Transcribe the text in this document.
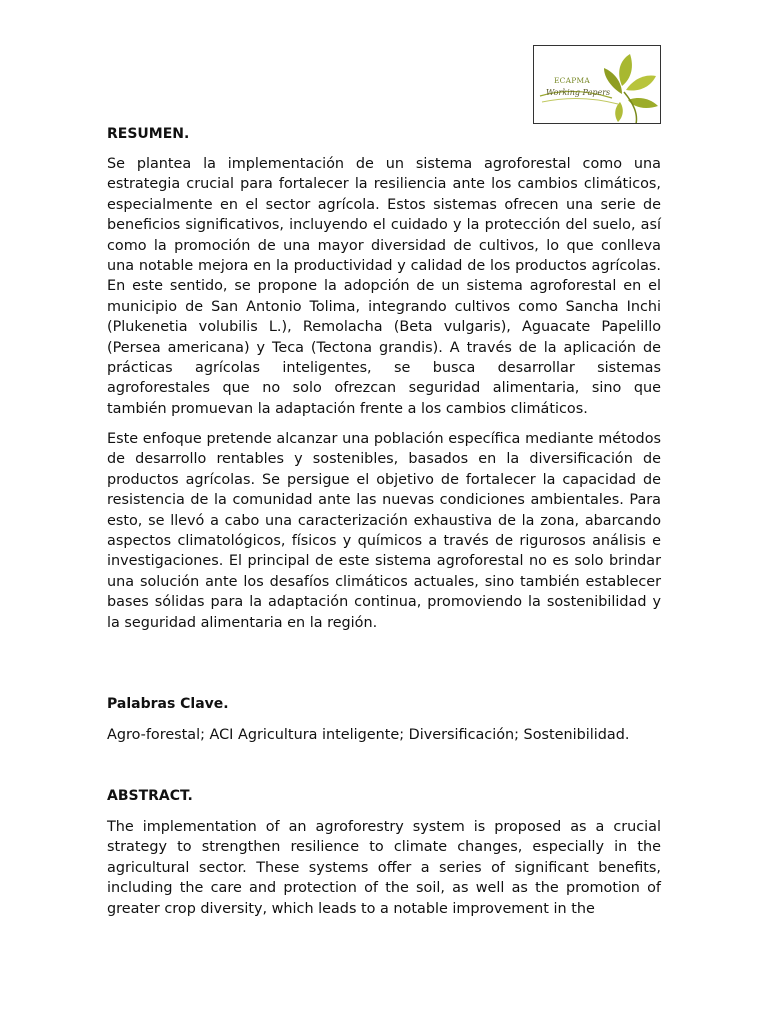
ECAPMA
Working Papers
RESUMEN.

Se plantea la implementación de un sistema agroforestal como una estrategia crucial para fortalecer la resiliencia ante los cambios climáticos, especialmente en el sector agrícola. Estos sistemas ofrecen una serie de beneficios significativos, incluyendo el cuidado y la protección del suelo, así como la promoción de una mayor diversidad de cultivos, lo que conlleva una notable mejora en la productividad y calidad de los productos agrícolas. En este sentido, se propone la adopción de un sistema agroforestal en el municipio de San Antonio Tolima, integrando cultivos como Sancha Inchi (Plukenetia volubilis L.), Remolacha (Beta vulgaris), Aguacate Papelillo (Persea americana) y Teca (Tectona grandis). A través de la aplicación de prácticas agrícolas inteligentes, se busca desarrollar sistemas agroforestales que no solo ofrezcan seguridad alimentaria, sino que también promuevan la adaptación frente a los cambios climáticos.

Este enfoque pretende alcanzar una población específica mediante métodos de desarrollo rentables y sostenibles, basados en la diversificación de productos agrícolas. Se persigue el objetivo de fortalecer la capacidad de resistencia de la comunidad ante las nuevas condiciones ambientales. Para esto, se llevó a cabo una caracterización exhaustiva de la zona, abarcando aspectos climatológicos, físicos y químicos a través de rigurosos análisis e investigaciones. El principal de este sistema agroforestal no es solo brindar una solución ante los desafíos climáticos actuales, sino también establecer bases sólidas para la adaptación continua, promoviendo la sostenibilidad y la seguridad alimentaria en la región.

Palabras Clave.

Agro-forestal; ACI Agricultura inteligente; Diversificación; Sostenibilidad.

ABSTRACT.

The implementation of an agroforestry system is proposed as a crucial strategy to strengthen resilience to climate changes, especially in the agricultural sector. These systems offer a series of significant benefits, including the care and protection of the soil, as well as the promotion of greater crop diversity, which leads to a notable improvement in the
